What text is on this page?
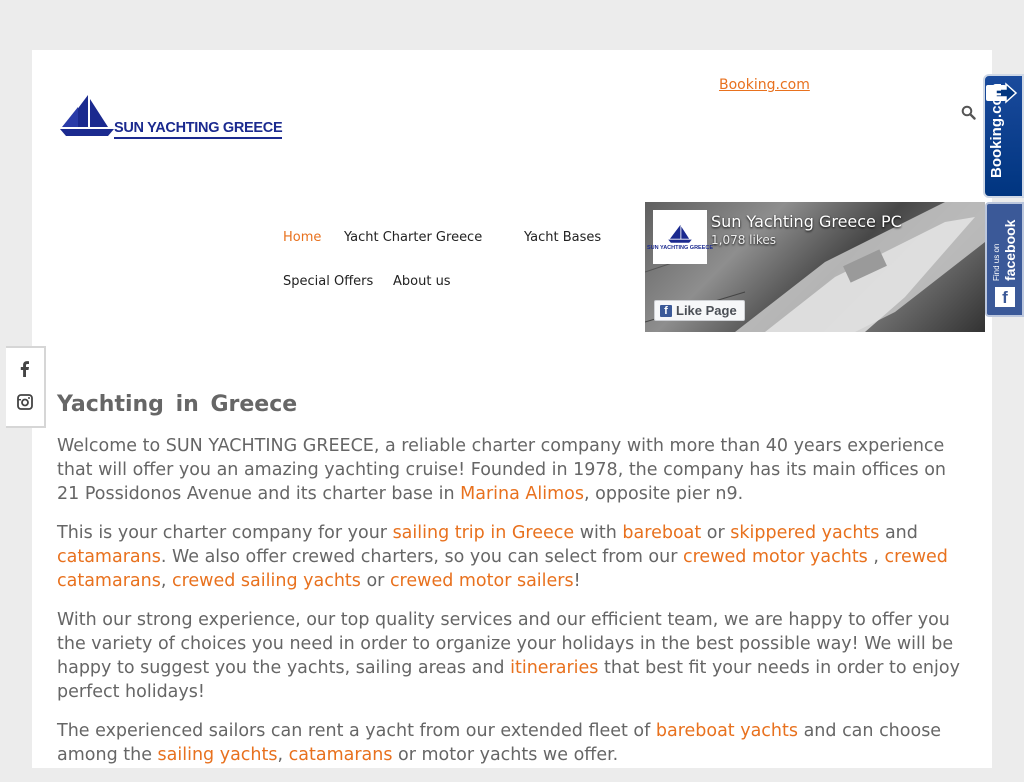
SUN YACHTING GREECE
Booking.com
Home Yacht Charter Greece	Yacht Bases
Special Offers About us
SUN YACHTING GREECE
Sun Yachting Greece PC
1,078 likes
f Like Page
Yachting in Greece

Welcome to SUN YACHTING GREECE, a reliable charter company with more than 40 years experience that will offer you an amazing yachting cruise! Founded in 1978, the company has its main offices on 21 Possidonos Avenue and its charter base in Marina Alimos, opposite pier n9.

This is your charter company for your sailing trip in Greece with bareboat or skippered yachts and catamarans. We also offer crewed charters, so you can select from our crewed motor yachts , crewed catamarans, crewed sailing yachts or crewed motor sailers!

With our strong experience, our top quality services and our efficient team, we are happy to offer you the variety of choices you need in order to organize your holidays in the best possible way! We will be happy to suggest you the yachts, sailing areas and itineraries that best fit your needs in order to enjoy perfect holidays!

The experienced sailors can rent a yacht from our extended fleet of bareboat yachts and can choose among the sailing yachts, catamarans or motor yachts we offer.

Booking.com
Find us on facebook
f
